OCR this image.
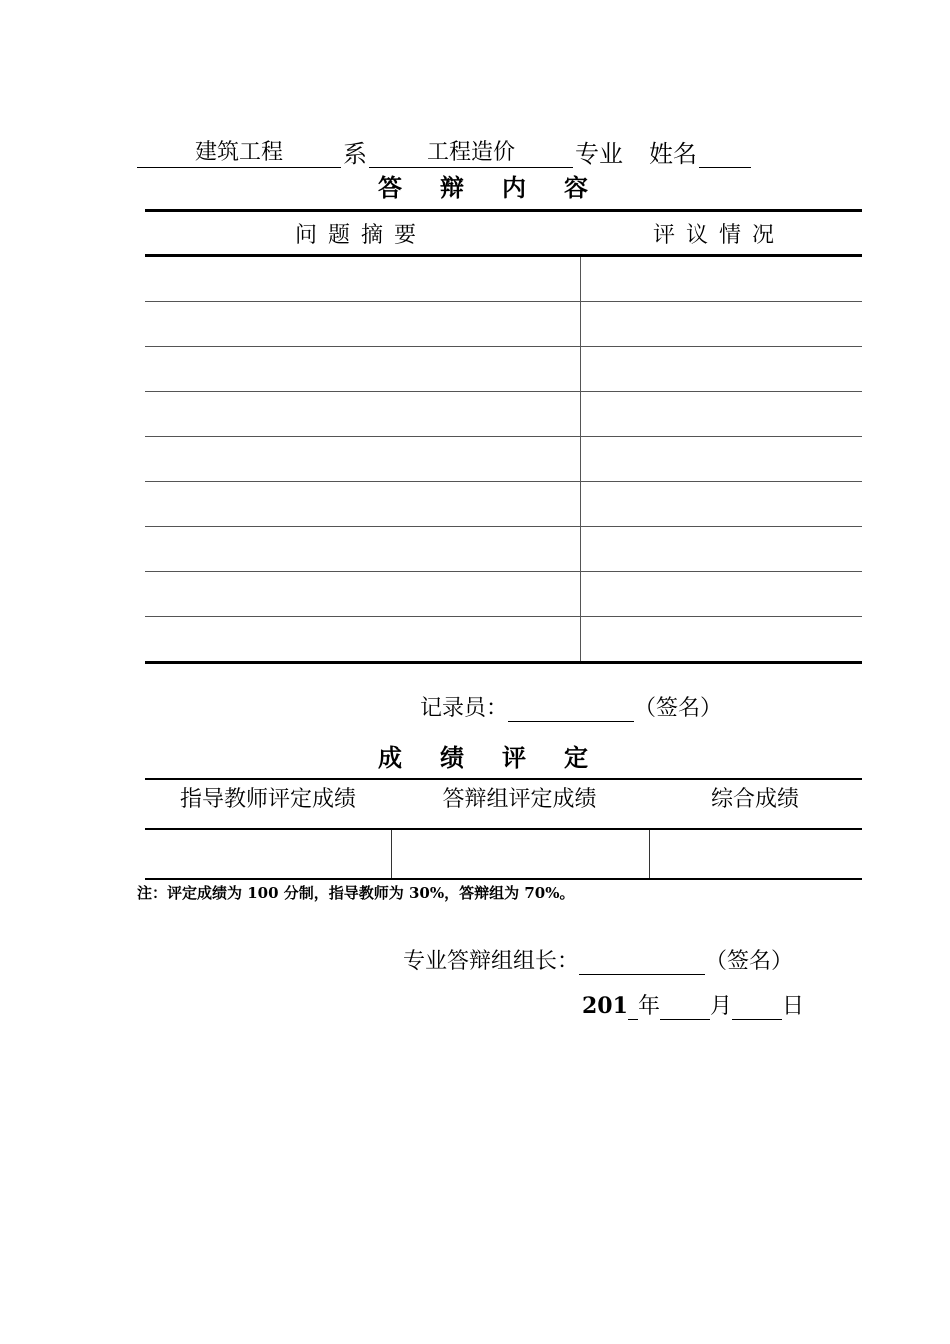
建筑工程	系	工程造价	专业 姓名
答 辩 内 容
问题摘要	评议情况
记录员：	（签名）
成 绩 评 定
指导教师评定成绩	答辩组评定成绩	综合成绩
注：评定成绩为 100 分制，指导教师为 30%，答辩组为 70%。
专业答辩组组长：	（签名）
201 年 月 日
